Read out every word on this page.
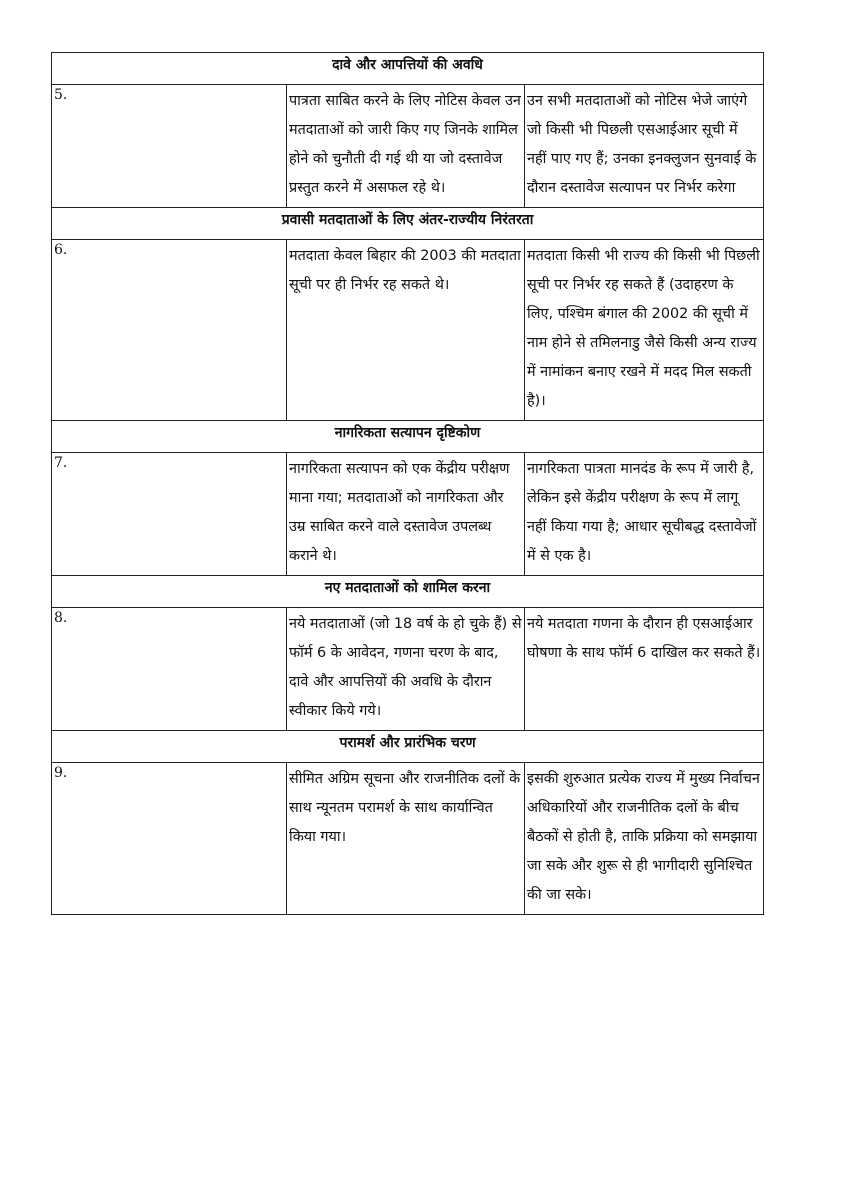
दावे और आपत्तियों की अवधि		
5.	पात्रता साबित करने के लिए नोटिस केवल उन मतदाताओं को जारी किए गए जिनके शामिल होने को चुनौती दी गई थी या जो दस्तावेज प्रस्तुत करने में असफल रहे थे।	उन सभी मतदाताओं को नोटिस भेजे जाएंगे जो किसी भी पिछली एसआईआर सूची में नहीं पाए गए हैं; उनका इनक्लुजन सुनवाई के दौरान दस्तावेज सत्यापन पर निर्भर करेगा
प्रवासी मतदाताओं के लिए अंतर-राज्यीय निरंतरता		
6.	मतदाता केवल बिहार की 2003 की मतदाता सूची पर ही निर्भर रह सकते थे।	मतदाता किसी भी राज्य की किसी भी पिछली सूची पर निर्भर रह सकते हैं (उदाहरण के लिए, पश्चिम बंगाल की 2002 की सूची में नाम होने से तमिलनाडु जैसे किसी अन्य राज्य में नामांकन बनाए रखने में मदद मिल सकती है)।
नागरिकता सत्यापन दृष्टिकोण		
7.	नागरिकता सत्यापन को एक केंद्रीय परीक्षण माना गया; मतदाताओं को नागरिकता और उम्र साबित करने वाले दस्तावेज उपलब्ध कराने थे।	नागरिकता पात्रता मानदंड के रूप में जारी है, लेकिन इसे केंद्रीय परीक्षण के रूप में लागू नहीं किया गया है; आधार सूचीबद्ध दस्तावेजों में से एक है।
नए मतदाताओं को शामिल करना		
8.	नये मतदाताओं (जो 18 वर्ष के हो चुके हैं) से फॉर्म 6 के आवेदन, गणना चरण के बाद, दावे और आपत्तियों की अवधि के दौरान स्वीकार किये गये।	नये मतदाता गणना के दौरान ही एसआईआर घोषणा के साथ फॉर्म 6 दाखिल कर सकते हैं।
परामर्श और प्रारंभिक चरण		
9.	सीमित अग्रिम सूचना और राजनीतिक दलों के साथ न्यूनतम परामर्श के साथ कार्यान्वित किया गया।	इसकी शुरुआत प्रत्येक राज्य में मुख्य निर्वाचन अधिकारियों और राजनीतिक दलों के बीच बैठकों से होती है, ताकि प्रक्रिया को समझाया जा सके और शुरू से ही भागीदारी सुनिश्चित की जा सके।
